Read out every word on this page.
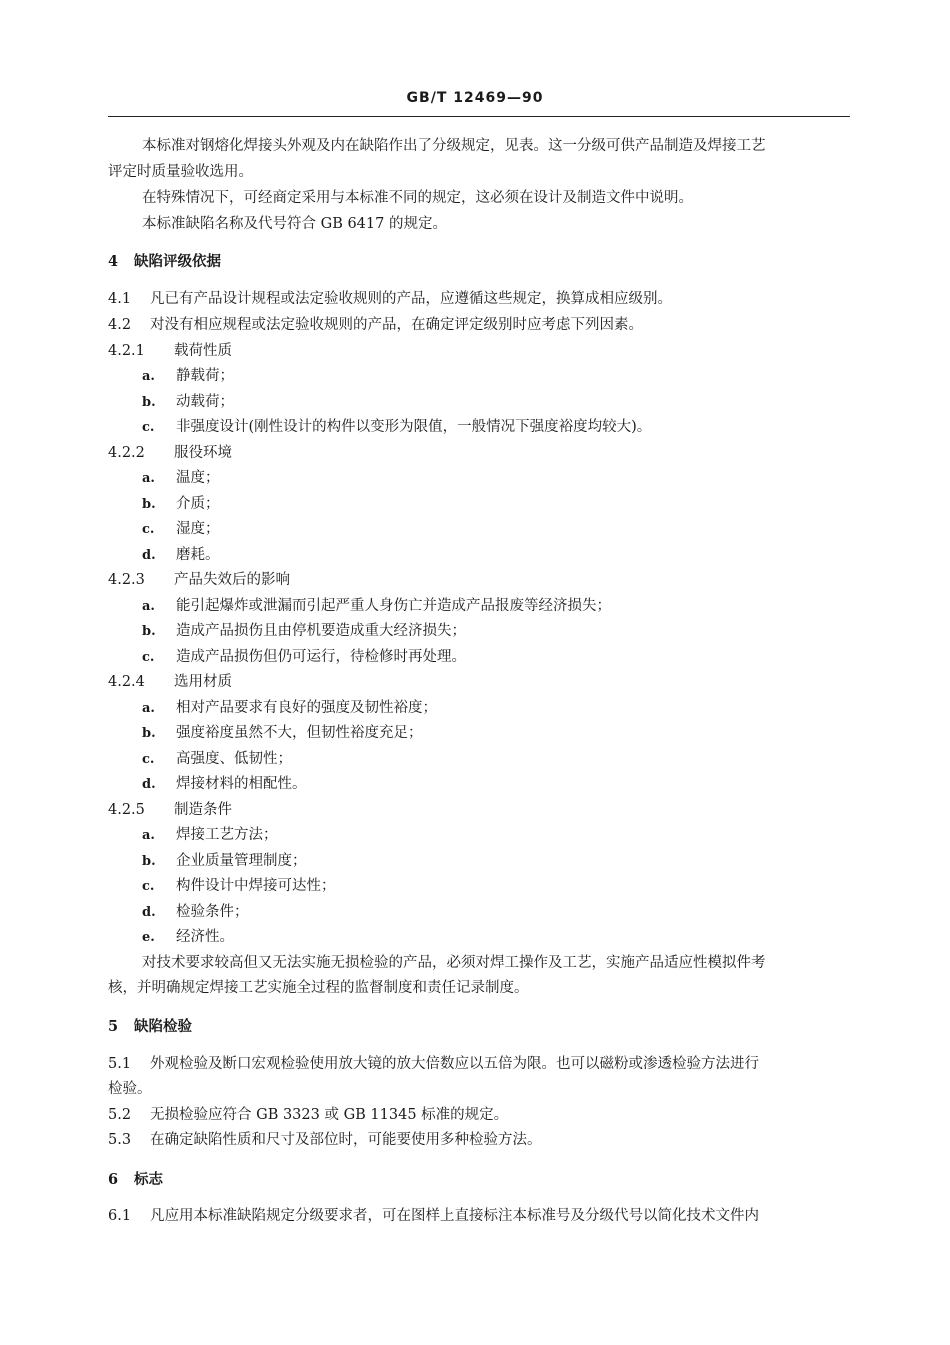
GB/T 12469—90
本标准对钢熔化焊接头外观及内在缺陷作出了分级规定，见表。这一分级可供产品制造及焊接工艺
评定时质量验收选用。
在特殊情况下，可经商定采用与本标准不同的规定，这必须在设计及制造文件中说明。
本标准缺陷名称及代号符合 GB 6417 的规定。
4 缺陷评级依据
4.1 凡已有产品设计规程或法定验收规则的产品，应遵循这些规定，换算成相应级别。
4.2 对没有相应规程或法定验收规则的产品，在确定评定级别时应考虑下列因素。
4.2.1 载荷性质
a. 静载荷；
b. 动载荷；
c. 非强度设计(刚性设计的构件以变形为限值，一般情况下强度裕度均较大)。
4.2.2 服役环境
a. 温度；
b. 介质；
c. 湿度；
d. 磨耗。
4.2.3 产品失效后的影响
a. 能引起爆炸或泄漏而引起严重人身伤亡并造成产品报废等经济损失；
b. 造成产品损伤且由停机要造成重大经济损失；
c. 造成产品损伤但仍可运行，待检修时再处理。
4.2.4 选用材质
a. 相对产品要求有良好的强度及韧性裕度；
b. 强度裕度虽然不大，但韧性裕度充足；
c. 高强度、低韧性；
d. 焊接材料的相配性。
4.2.5 制造条件
a. 焊接工艺方法；
b. 企业质量管理制度；
c. 构件设计中焊接可达性；
d. 检验条件；
e. 经济性。
对技术要求较高但又无法实施无损检验的产品，必须对焊工操作及工艺，实施产品适应性模拟件考
核，并明确规定焊接工艺实施全过程的监督制度和责任记录制度。
5 缺陷检验
5.1 外观检验及断口宏观检验使用放大镜的放大倍数应以五倍为限。也可以磁粉或渗透检验方法进行
检验。
5.2 无损检验应符合 GB 3323 或 GB 11345 标准的规定。
5.3 在确定缺陷性质和尺寸及部位时，可能要使用多种检验方法。
6 标志
6.1 凡应用本标准缺陷规定分级要求者，可在图样上直接标注本标准号及分级代号以简化技术文件内
